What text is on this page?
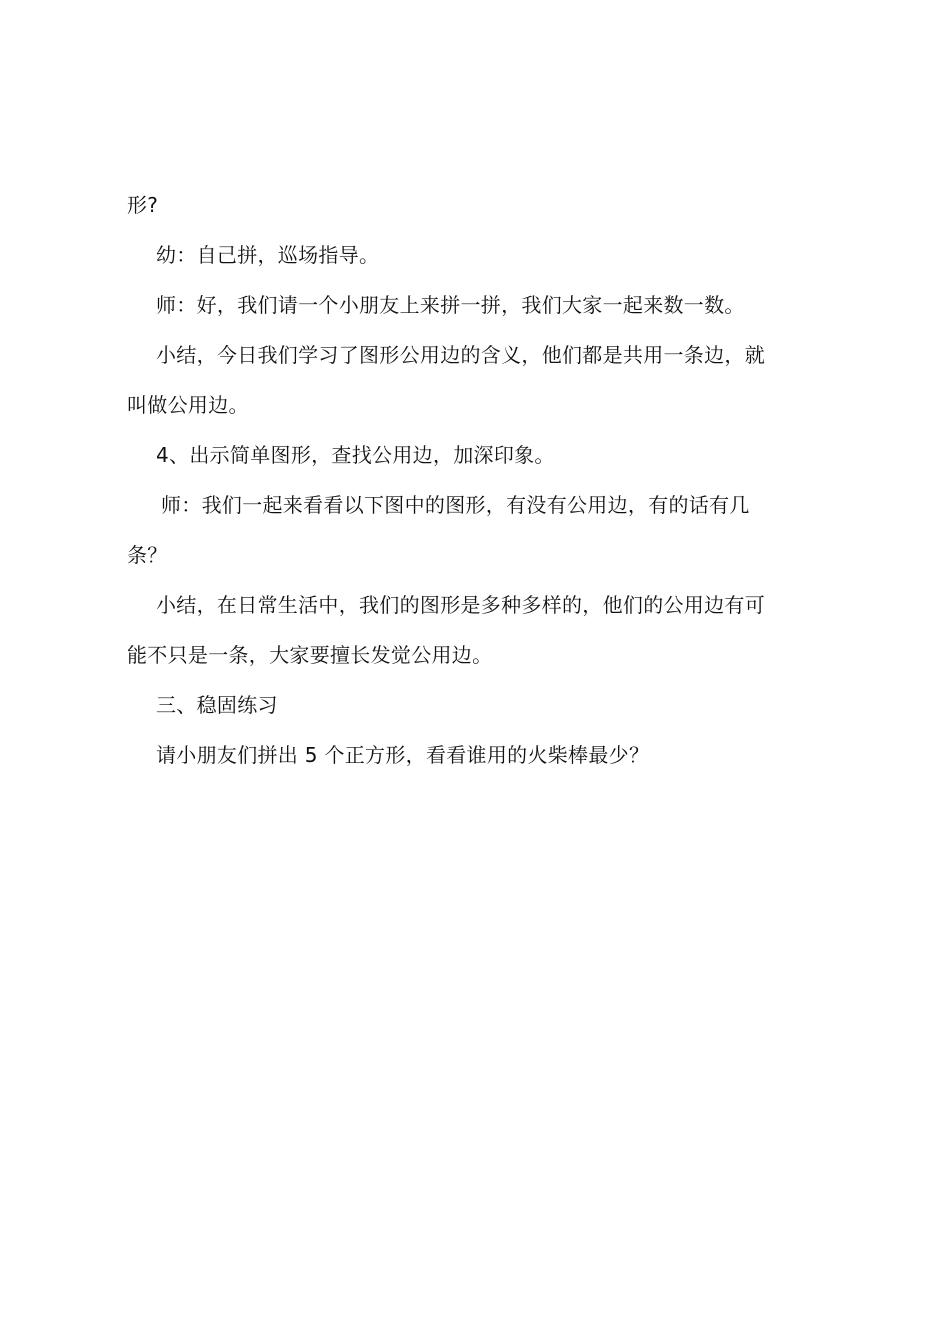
形?
幼：自己拼，巡场指导。
师：好，我们请一个小朋友上来拼一拼，我们大家一起来数一数。
小结，今日我们学习了图形公用边的含义，他们都是共用一条边，就
叫做公用边。
4、出示简单图形，查找公用边，加深印象。
师：我们一起来看看以下图中的图形，有没有公用边，有的话有几
条？
小结，在日常生活中，我们的图形是多种多样的，他们的公用边有可
能不只是一条，大家要擅长发觉公用边。
三、稳固练习
请小朋友们拼出 5 个正方形，看看谁用的火柴棒最少？
